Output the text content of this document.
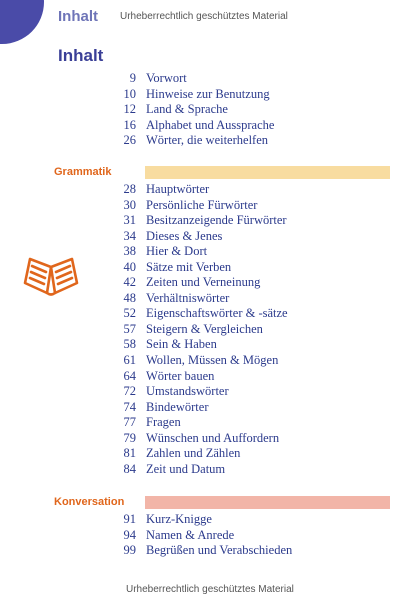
Inhalt Urheberrechtlich geschütztes Material
Inhalt
9 Vorwort
10 Hinweise zur Benutzung
12 Land & Sprache
16 Alphabet und Aussprache
26 Wörter, die weiterhelfen
Grammatik
28 Hauptwörter
30 Persönliche Fürwörter
31 Besitzanzeigende Fürwörter
34 Dieses & Jenes
38 Hier & Dort
40 Sätze mit Verben
42 Zeiten und Verneinung
48 Verhältniswörter
52 Eigenschaftswörter & -sätze
57 Steigern & Vergleichen
58 Sein & Haben
61 Wollen, Müssen & Mögen
64 Wörter bauen
72 Umstandswörter
74 Bindewörter
77 Fragen
79 Wünschen und Auffordern
81 Zahlen und Zählen
84 Zeit und Datum
Konversation
91 Kurz-Knigge
94 Namen & Anrede
99 Begrüßen und Verabschieden
Urheberrechtlich geschütztes Material
